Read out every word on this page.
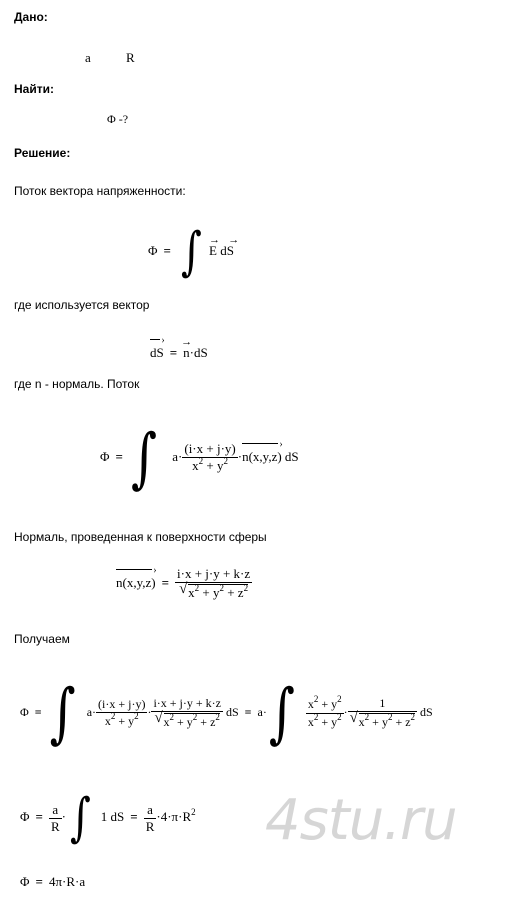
Дано:
a	R
Найти:
Φ -?
Решение:
Поток вектора напряженности:
Φ = ∫ →
E
→
dS
где используется вектор
›
dS =
→
n·dS
где n - нормаль. Поток
Φ = ∫ $a\cdot \frac{(i\cdot x + j\cdot y)}{x^2 + y^2}$ ·
›
n(x,y,z) dS
Нормаль, проведенная к поверхности сферы
›
$n(x,y,z) = \frac{i\cdot x + j\cdot y + k\cdot z}{√ x^2 + y^2 + z^2}$
Получаем
Φ = ∫ $a\cdot \frac{(i\cdot x + j\cdot y)}{x^2 + y^2} \cdot \frac{i\cdot x + j\cdot y + k\cdot z}{√ x^2 + y^2 + z^2}$ dS = $a\cdot\int \frac{x^2 + y^2}{x^2 + y^2} \cdot \frac{1}{√ x^2 + y^2 + z^2}$ dS
$\Phi = \frac{a}{R}$ · ∫ 1 dS = $\frac{a}{R} \cdot 4\cdot\pi\cdot R^2$
Φ = 4π·R·a
4stu.ru
